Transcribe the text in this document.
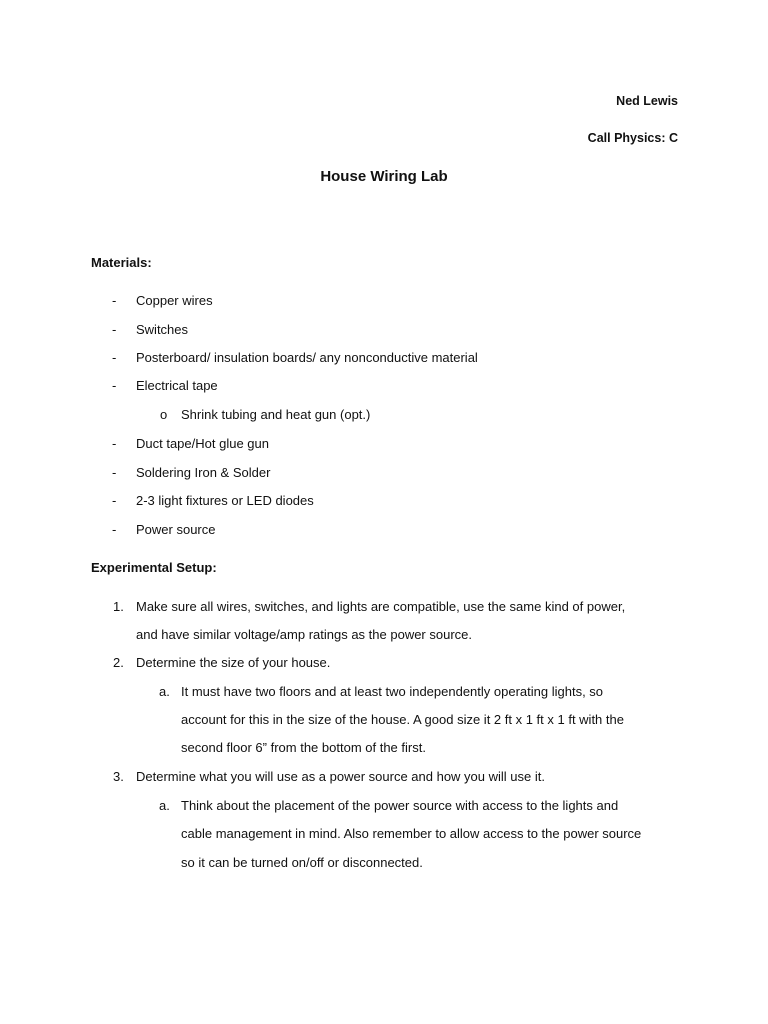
Ned Lewis
Call Physics: C
House Wiring Lab
Materials:
- Copper wires
- Switches
- Posterboard/ insulation boards/ any nonconductive material
- Electrical tape
o Shrink tubing and heat gun (opt.)
- Duct tape/Hot glue gun
- Soldering Iron & Solder
- 2-3 light fixtures or LED diodes
- Power source
Experimental Setup:
1. Make sure all wires, switches, and lights are compatible, use the same kind of power,
and have similar voltage/amp ratings as the power source.
2. Determine the size of your house.
a. It must have two floors and at least two independently operating lights, so
account for this in the size of the house. A good size it 2 ft x 1 ft x 1 ft with the
second floor 6” from the bottom of the first.
3. Determine what you will use as a power source and how you will use it.
a. Think about the placement of the power source with access to the lights and
cable management in mind. Also remember to allow access to the power source
so it can be turned on/off or disconnected.
